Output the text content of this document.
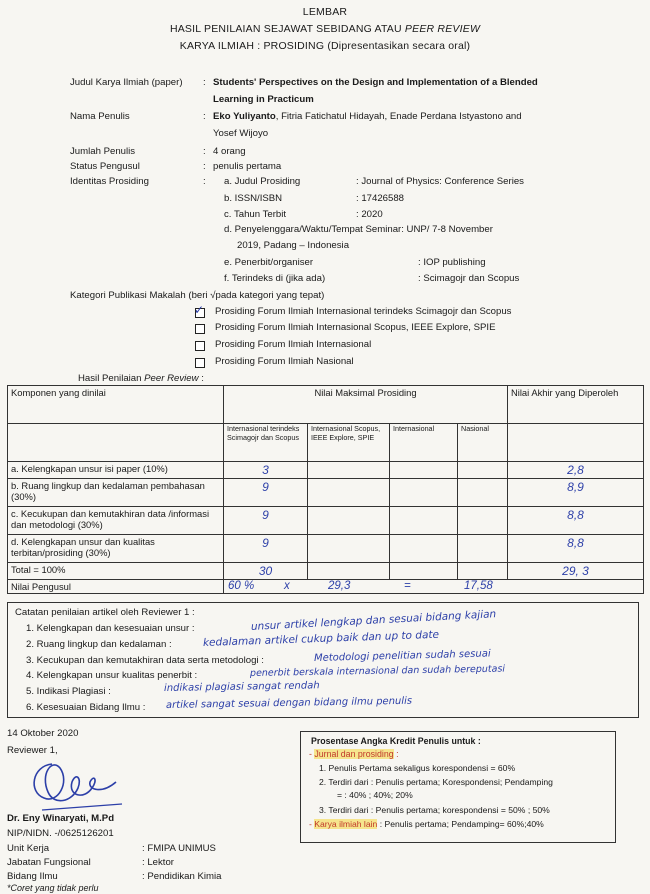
LEMBAR
HASIL PENILAIAN SEJAWAT SEBIDANG ATAU PEER REVIEW
KARYA ILMIAH : PROSIDING (Dipresentasikan secara oral)
Judul Karya Ilmiah (paper) : Students' Perspectives on the Design and Implementation of a Blended
Learning in Practicum
Nama Penulis	: Eko Yuliyanto, Fitria Fatichatul Hidayah, Enade Perdana Istyastono and
Yosef Wijoyo
Jumlah Penulis	: 4 orang
Status Pengusul	: penulis pertama
Identitas Prosiding	: a. Judul Prosiding	: Journal of Physics: Conference Series
b. ISSN/ISBN	: 17426588
c. Tahun Terbit	: 2020
d. Penyelenggara/Waktu/Tempat Seminar: UNP/ 7-8 November
2019, Padang – Indonesia
e. Penerbit/organiser	: IOP publishing
f. Terindeks di (jika ada)	: Scimagojr dan Scopus
Kategori Publikasi Makalah (beri √pada kategori yang tepat)
✓ Prosiding Forum Ilmiah Internasional terindeks Scimagojr dan Scopus
Prosiding Forum Ilmiah Internasional Scopus, IEEE Explore, SPIE
Prosiding Forum Ilmiah Internasional
Prosiding Forum Ilmiah Nasional
Hasil Penilaian Peer Review :
Komponen yang dinilai	Nilai Maksimal Prosiding				Nilai Akhir yang Diperoleh
	Internasional terindeks Scimagojr dan Scopus	Internasional Scopus, IEEE Explore, SPIE	Internasional	Nasional	
a. Kelengkapan unsur isi paper (10%)	3				2,8
b. Ruang lingkup dan kedalaman pembahasan (30%)	9				8,9
c. Kecukupan dan kemutakhiran data /informasi dan metodologi (30%)	9				8,8
d. Kelengkapan unsur dan kualitas terbitan/prosiding (30%)	9				8,8
Total = 100%	30				29, 3
Nilai Pengusul	60 % x 29,3 = 17,58				
Catatan penilaian artikel oleh Reviewer 1 :
1. Kelengkapan dan kesesuaian unsur :	unsur artikel lengkap dan sesuai bidang kajian
2. Ruang lingkup dan kedalaman :	kedalaman artikel cukup baik dan up to date
3. Kecukupan dan kemutakhiran data serta metodologi :	Metodologi penelitian sudah sesuai
4. Kelengkapan unsur kualitas penerbit :	penerbit berskala internasional dan sudah bereputasi
5. Indikasi Plagiasi :	indikasi plagiasi sangat rendah
6. Kesesuaian Bidang Ilmu : artikel sangat sesuai dengan bidang ilmu penulis
14 Oktober 2020
Reviewer 1,
Dr. Eny Winaryati, M.Pd
NIP/NIDN. -/0625126201
Unit Kerja	: FMIPA UNIMUS
Jabatan Fungsional	: Lektor
Bidang Ilmu	: Pendidikan Kimia
*Coret yang tidak perlu
Prosentase Angka Kredit Penulis untuk :
- Jurnal dan prosiding :
1. Penulis Pertama sekaligus korespondensi = 60%
2. Terdiri dari : Penulis pertama; Korespondensi; Pendamping
= : 40% ; 40%; 20%
3. Terdiri dari : Penulis pertama; korespondensi = 50% ; 50%
- Karya ilmiah lain : Penulis pertama; Pendamping= 60%;40%
